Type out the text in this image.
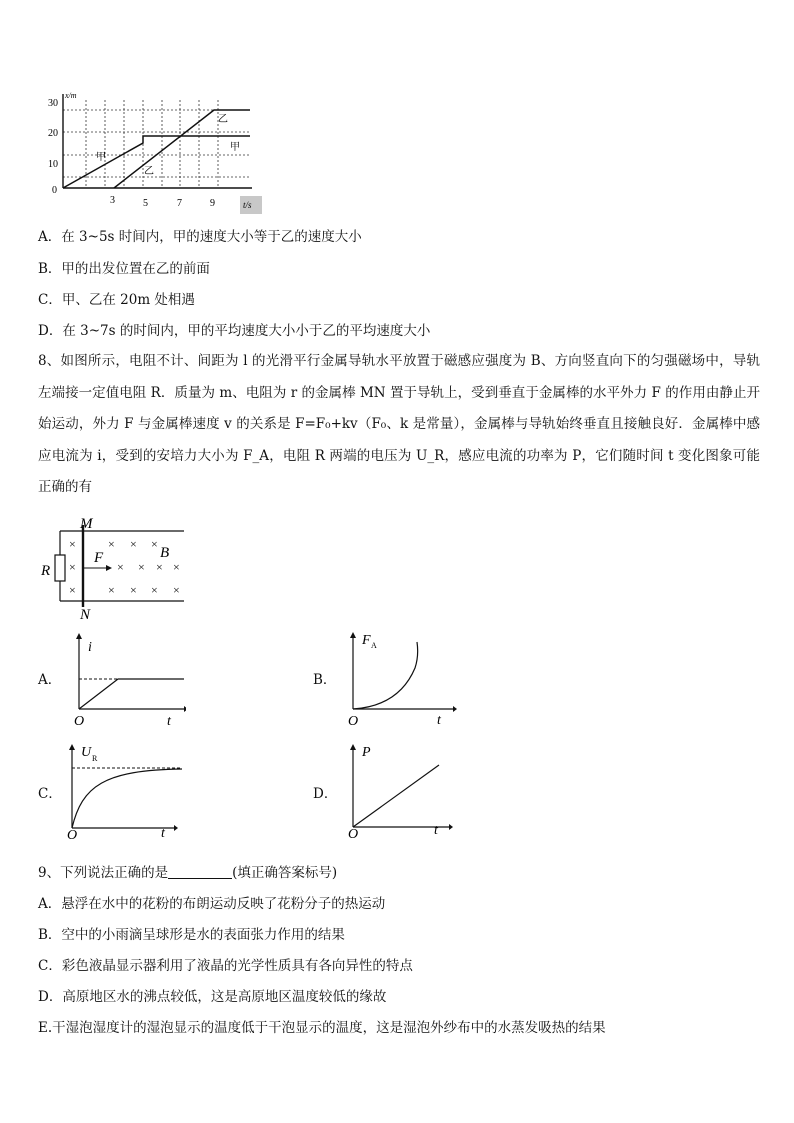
30
20
10
0
x/m
3	5	7	9	t/s
甲
乙
甲
乙
A．在 3~5s 时间内，甲的速度大小等于乙的速度大小
B．甲的出发位置在乙的前面
C．甲、乙在 20m 处相遇
D．在 3~7s 的时间内，甲的平均速度大小小于乙的平均速度大小
8、如图所示，电阻不计、间距为 l 的光滑平行金属导轨水平放置于磁感应强度为 B、方向竖直向下的匀强磁场中，导轨左端接一定值电阻 R．质量为 m、电阻为 r 的金属棒 MN 置于导轨上，受到垂直于金属棒的水平外力 F 的作用由静止开始运动，外力 F 与金属棒速度 v 的关系是 F=F₀+kv（F₀、k 是常量），金属棒与导轨始终垂直且接触良好．金属棒中感应电流为 i，受到的安培力大小为 F_A，电阻 R 两端的电压为 U_R，感应电流的功率为 P，它们随时间 t 变化图象可能正确的有
M
N
R
F	B
×
×
×
× × ×
× × × ×
× × × ×
A．
i
O	t
B．
F A
O	t
C．
U R
O	t
D．
P
O	t
9、下列说法正确的是	(填正确答案标号)
A．悬浮在水中的花粉的布朗运动反映了花粉分子的热运动
B．空中的小雨滴呈球形是水的表面张力作用的结果
C．彩色液晶显示器利用了液晶的光学性质具有各向异性的特点
D．高原地区水的沸点较低，这是高原地区温度较低的缘故
E.干湿泡湿度计的湿泡显示的温度低于干泡显示的温度，这是湿泡外纱布中的水蒸发吸热的结果
